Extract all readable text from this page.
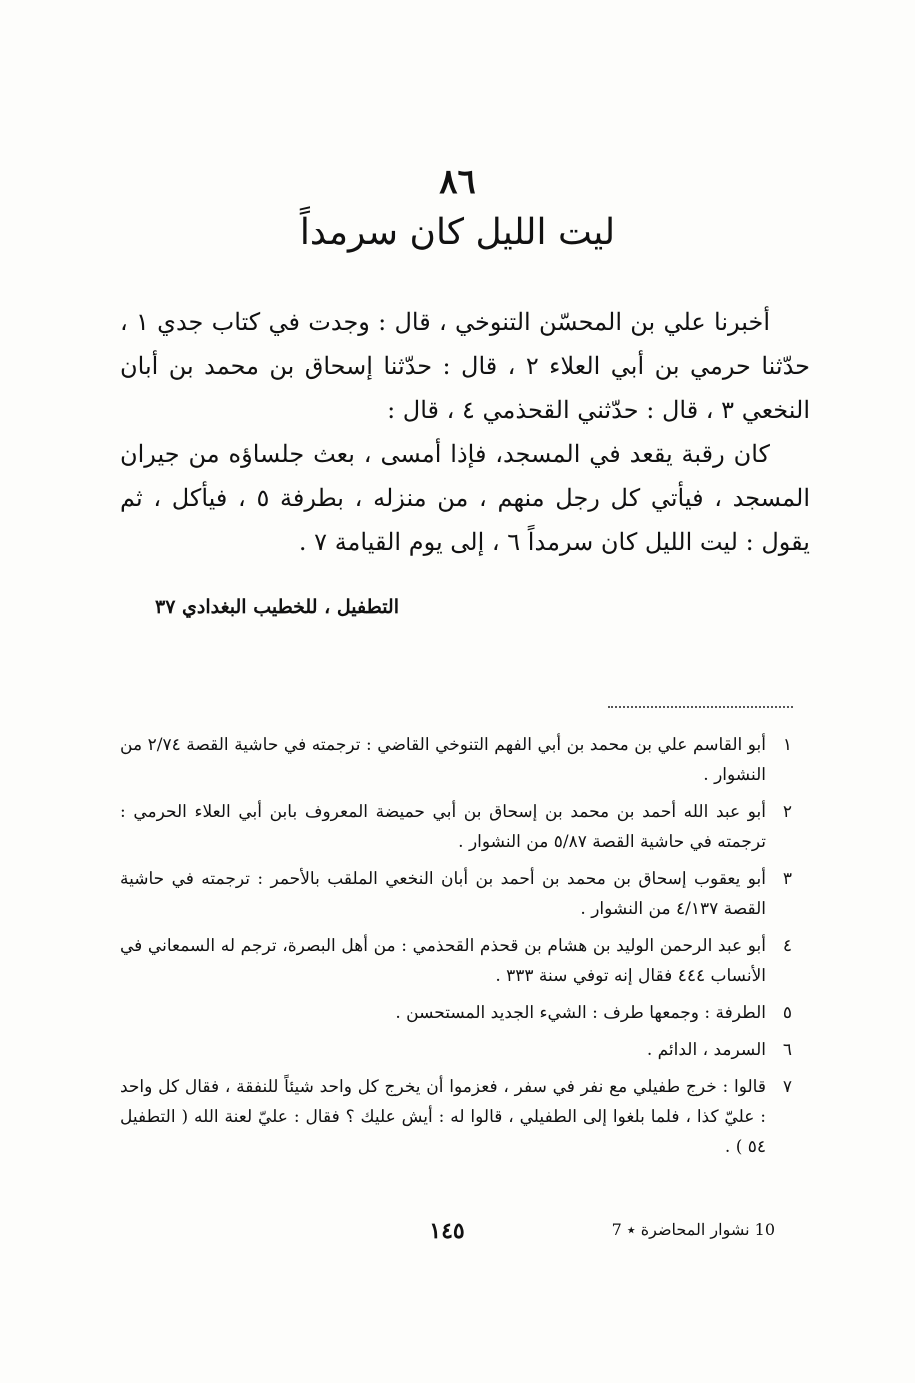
٨٦
ليت الليل كان سرمداً

أخبرنا علي بن المحسّن التنوخي ، قال : وجدت في كتاب جدي ١ ، حدّثنا حرمي بن أبي العلاء ٢ ، قال : حدّثنا إسحاق بن محمد بن أبان النخعي ٣ ، قال : حدّثني القحذمي ٤ ، قال :

كان رقبة يقعد في المسجد، فإذا أمسى ، بعث جلساؤه من جيران المسجد ، فيأتي كل رجل منهم ، من منزله ، بطرفة ٥ ، فيأكل ، ثم يقول : ليت الليل كان سرمداً ٦ ، إلى يوم القيامة ٧ .

التطفيل ، للخطيب البغدادي ٣٧
١
أبو القاسم علي بن محمد بن أبي الفهم التنوخي القاضي : ترجمته في حاشية القصة ٢/٧٤ من النشوار .
٢
أبو عبد الله أحمد بن محمد بن إسحاق بن أبي حميضة المعروف بابن أبي العلاء الحرمي : ترجمته في حاشية القصة ٥/٨٧ من النشوار .
٣
أبو يعقوب إسحاق بن محمد بن أحمد بن أبان النخعي الملقب بالأحمر : ترجمته في حاشية القصة ٤/١٣٧ من النشوار .
٤
أبو عبد الرحمن الوليد بن هشام بن قحذم القحذمي : من أهل البصرة، ترجم له السمعاني في الأنساب ٤٤٤ فقال إنه توفي سنة ٣٣٣ .
٥
الطرفة : وجمعها طرف : الشيء الجديد المستحسن .
٦
السرمد ، الدائم .
٧
قالوا : خرج طفيلي مع نفر في سفر ، فعزموا أن يخرج كل واحد شيئاً للنفقة ، فقال كل واحد : عليّ كذا ، فلما بلغوا إلى الطفيلي ، قالوا له : أيش عليك ؟ فقال : عليّ لعنة الله ( التطفيل ٥٤ ) .
١٤٥	10 نشوار المحاضرة ٭ 7
